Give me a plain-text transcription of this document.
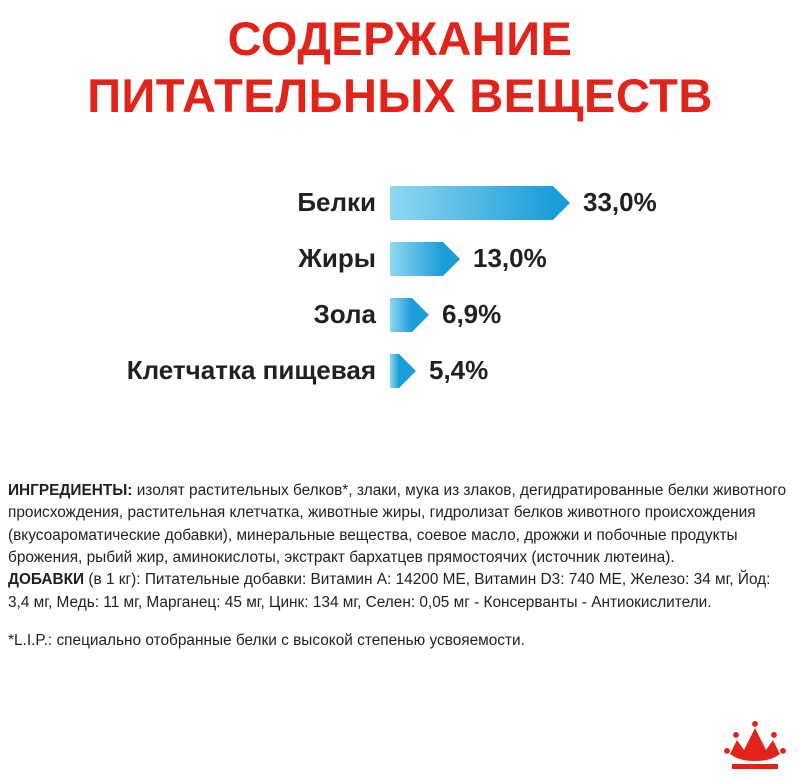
СОДЕРЖАНИЕ
ПИТАТЕЛЬНЫХ ВЕЩЕСТВ
Белки	33,0%
Жиры	13,0%
Зола	6,9%
Клетчатка пищевая	5,4%

ИНГРЕДИЕНТЫ: изолят растительных белков*, злаки, мука из злаков, дегидратированные белки животного происхождения, растительная клетчатка, животные жиры, гидролизат белков животного происхождения (вкусоароматические добавки), минеральные вещества, соевое масло, дрожжи и побочные продукты брожения, рыбий жир, аминокислоты, экстракт бархатцев прямостоячих (источник лютеина).

ДОБАВКИ (в 1 кг): Питательные добавки: Витамин А: 14200 МЕ, Витамин D3: 740 МЕ, Железо: 34 мг, Йод: 3,4 мг, Медь: 11 мг, Марганец: 45 мг, Цинк: 134 мг, Селен: 0,05 мг - Консерванты - Антиокислители.

*L.I.P.: специально отобранные белки с высокой степенью усвояемости.
